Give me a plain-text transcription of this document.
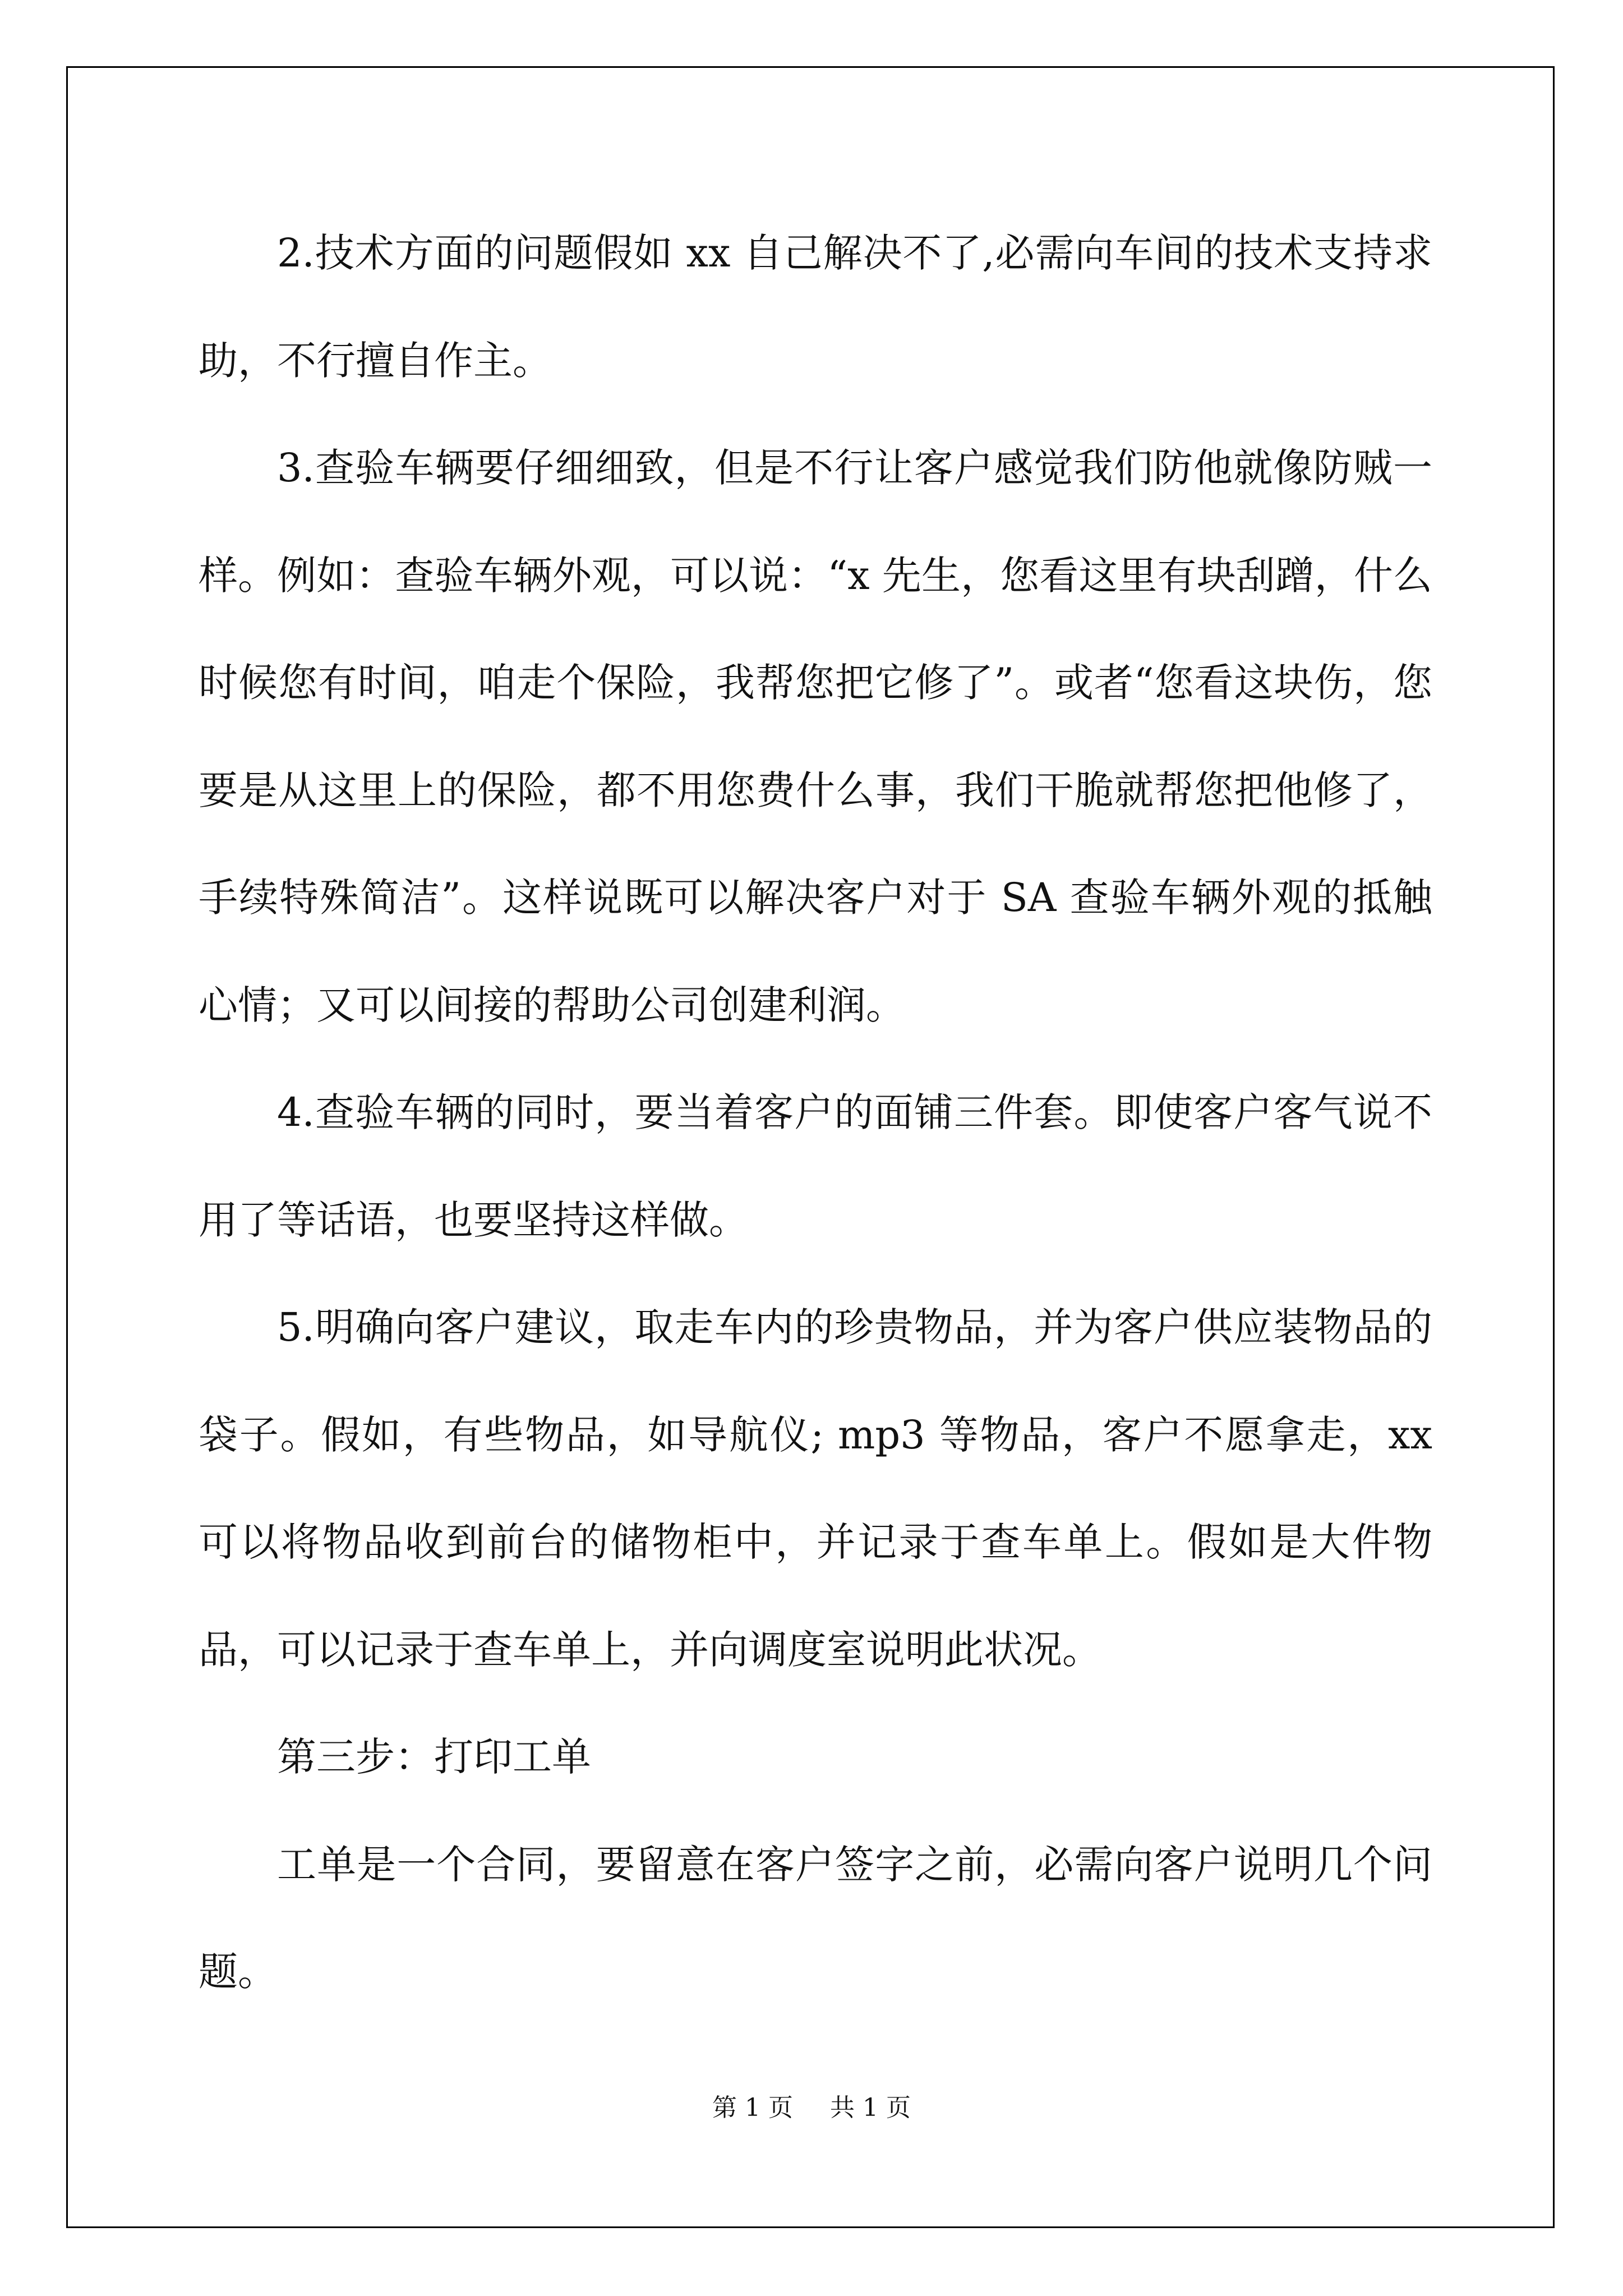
2.技术方面的问题假如 xx 自己解决不了,必需向车间的技术支持求助，不行擅自作主。

3.查验车辆要仔细细致，但是不行让客户感觉我们防他就像防贼一样。例如：查验车辆外观，可以说：“x 先生，您看这里有块刮蹭，什么时候您有时间，咱走个保险，我帮您把它修了”。或者“您看这块伤，您要是从这里上的保险，都不用您费什么事，我们干脆就帮您把他修了，手续特殊简洁”。这样说既可以解决客户对于 SA 查验车辆外观的抵触心情；又可以间接的帮助公司创建利润。

4.查验车辆的同时，要当着客户的面铺三件套。即使客户客气说不用了等话语，也要坚持这样做。

5.明确向客户建议，取走车内的珍贵物品，并为客户供应装物品的袋子。假如，有些物品，如导航仪; mp3 等物品，客户不愿拿走，xx 可以将物品收到前台的储物柜中，并记录于查车单上。假如是大件物品，可以记录于查车单上，并向调度室说明此状况。

第三步：打印工单

工单是一个合同，要留意在客户签字之前，必需向客户说明几个问题。

第 1 页 共 1 页
